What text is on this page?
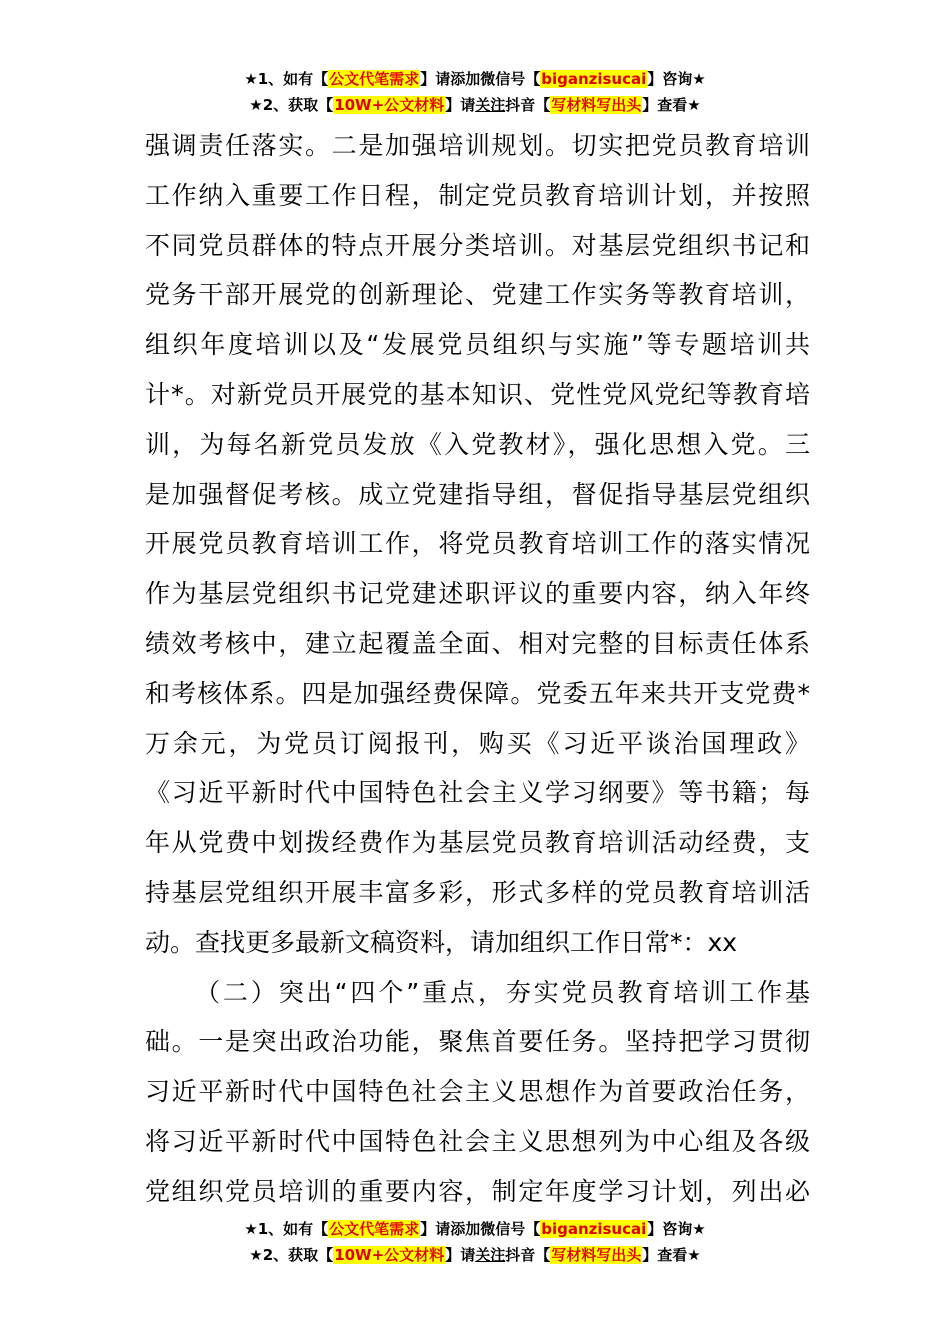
★1、如有【公文代笔需求】请添加微信号【biganzisucai】咨询★
★2、获取【10W+公文材料】请关注抖音【写材料写出头】查看★
强调责任落实。二是加强培训规划。切实把党员教育培训
工作纳入重要工作日程，制定党员教育培训计划，并按照
不同党员群体的特点开展分类培训。对基层党组织书记和
党务干部开展党的创新理论、党建工作实务等教育培训，
组织年度培训以及“发展党员组织与实施”等专题培训共
计*。对新党员开展党的基本知识、党性党风党纪等教育培
训，为每名新党员发放《入党教材》，强化思想入党。三
是加强督促考核。成立党建指导组，督促指导基层党组织
开展党员教育培训工作，将党员教育培训工作的落实情况
作为基层党组织书记党建述职评议的重要内容，纳入年终
绩效考核中，建立起覆盖全面、相对完整的目标责任体系
和考核体系。四是加强经费保障。党委五年来共开支党费*
万余元，为党员订阅报刊，购买《习近平谈治国理政》
《习近平新时代中国特色社会主义学习纲要》等书籍；每
年从党费中划拨经费作为基层党员教育培训活动经费，支
持基层党组织开展丰富多彩，形式多样的党员教育培训活
动。查找更多最新文稿资料，请加组织工作日常*：xx
（二）突出“四个”重点，夯实党员教育培训工作基
础。一是突出政治功能，聚焦首要任务。坚持把学习贯彻
习近平新时代中国特色社会主义思想作为首要政治任务，
将习近平新时代中国特色社会主义思想列为中心组及各级
党组织党员培训的重要内容，制定年度学习计划，列出必
★1、如有【公文代笔需求】请添加微信号【biganzisucai】咨询★
★2、获取【10W+公文材料】请关注抖音【写材料写出头】查看★
